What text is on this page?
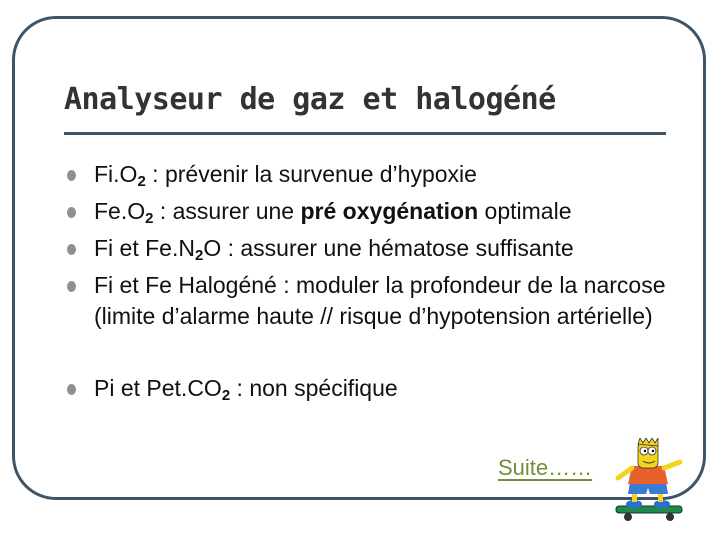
Analyseur de gaz et halogéné
$Fi.O_2$ : prévenir la survenue d’hypoxie
$Fe.O_2$ : assurer une pré oxygénation optimale
Fi et $Fe.N_2O$ : assurer une hématose suffisante
Fi et Fe Halogéné : moduler la profondeur de la narcose (limite d’alarme haute // risque d’hypotension artérielle)
Pi et $Pet.CO_2$ : non spécifique
Suite……
